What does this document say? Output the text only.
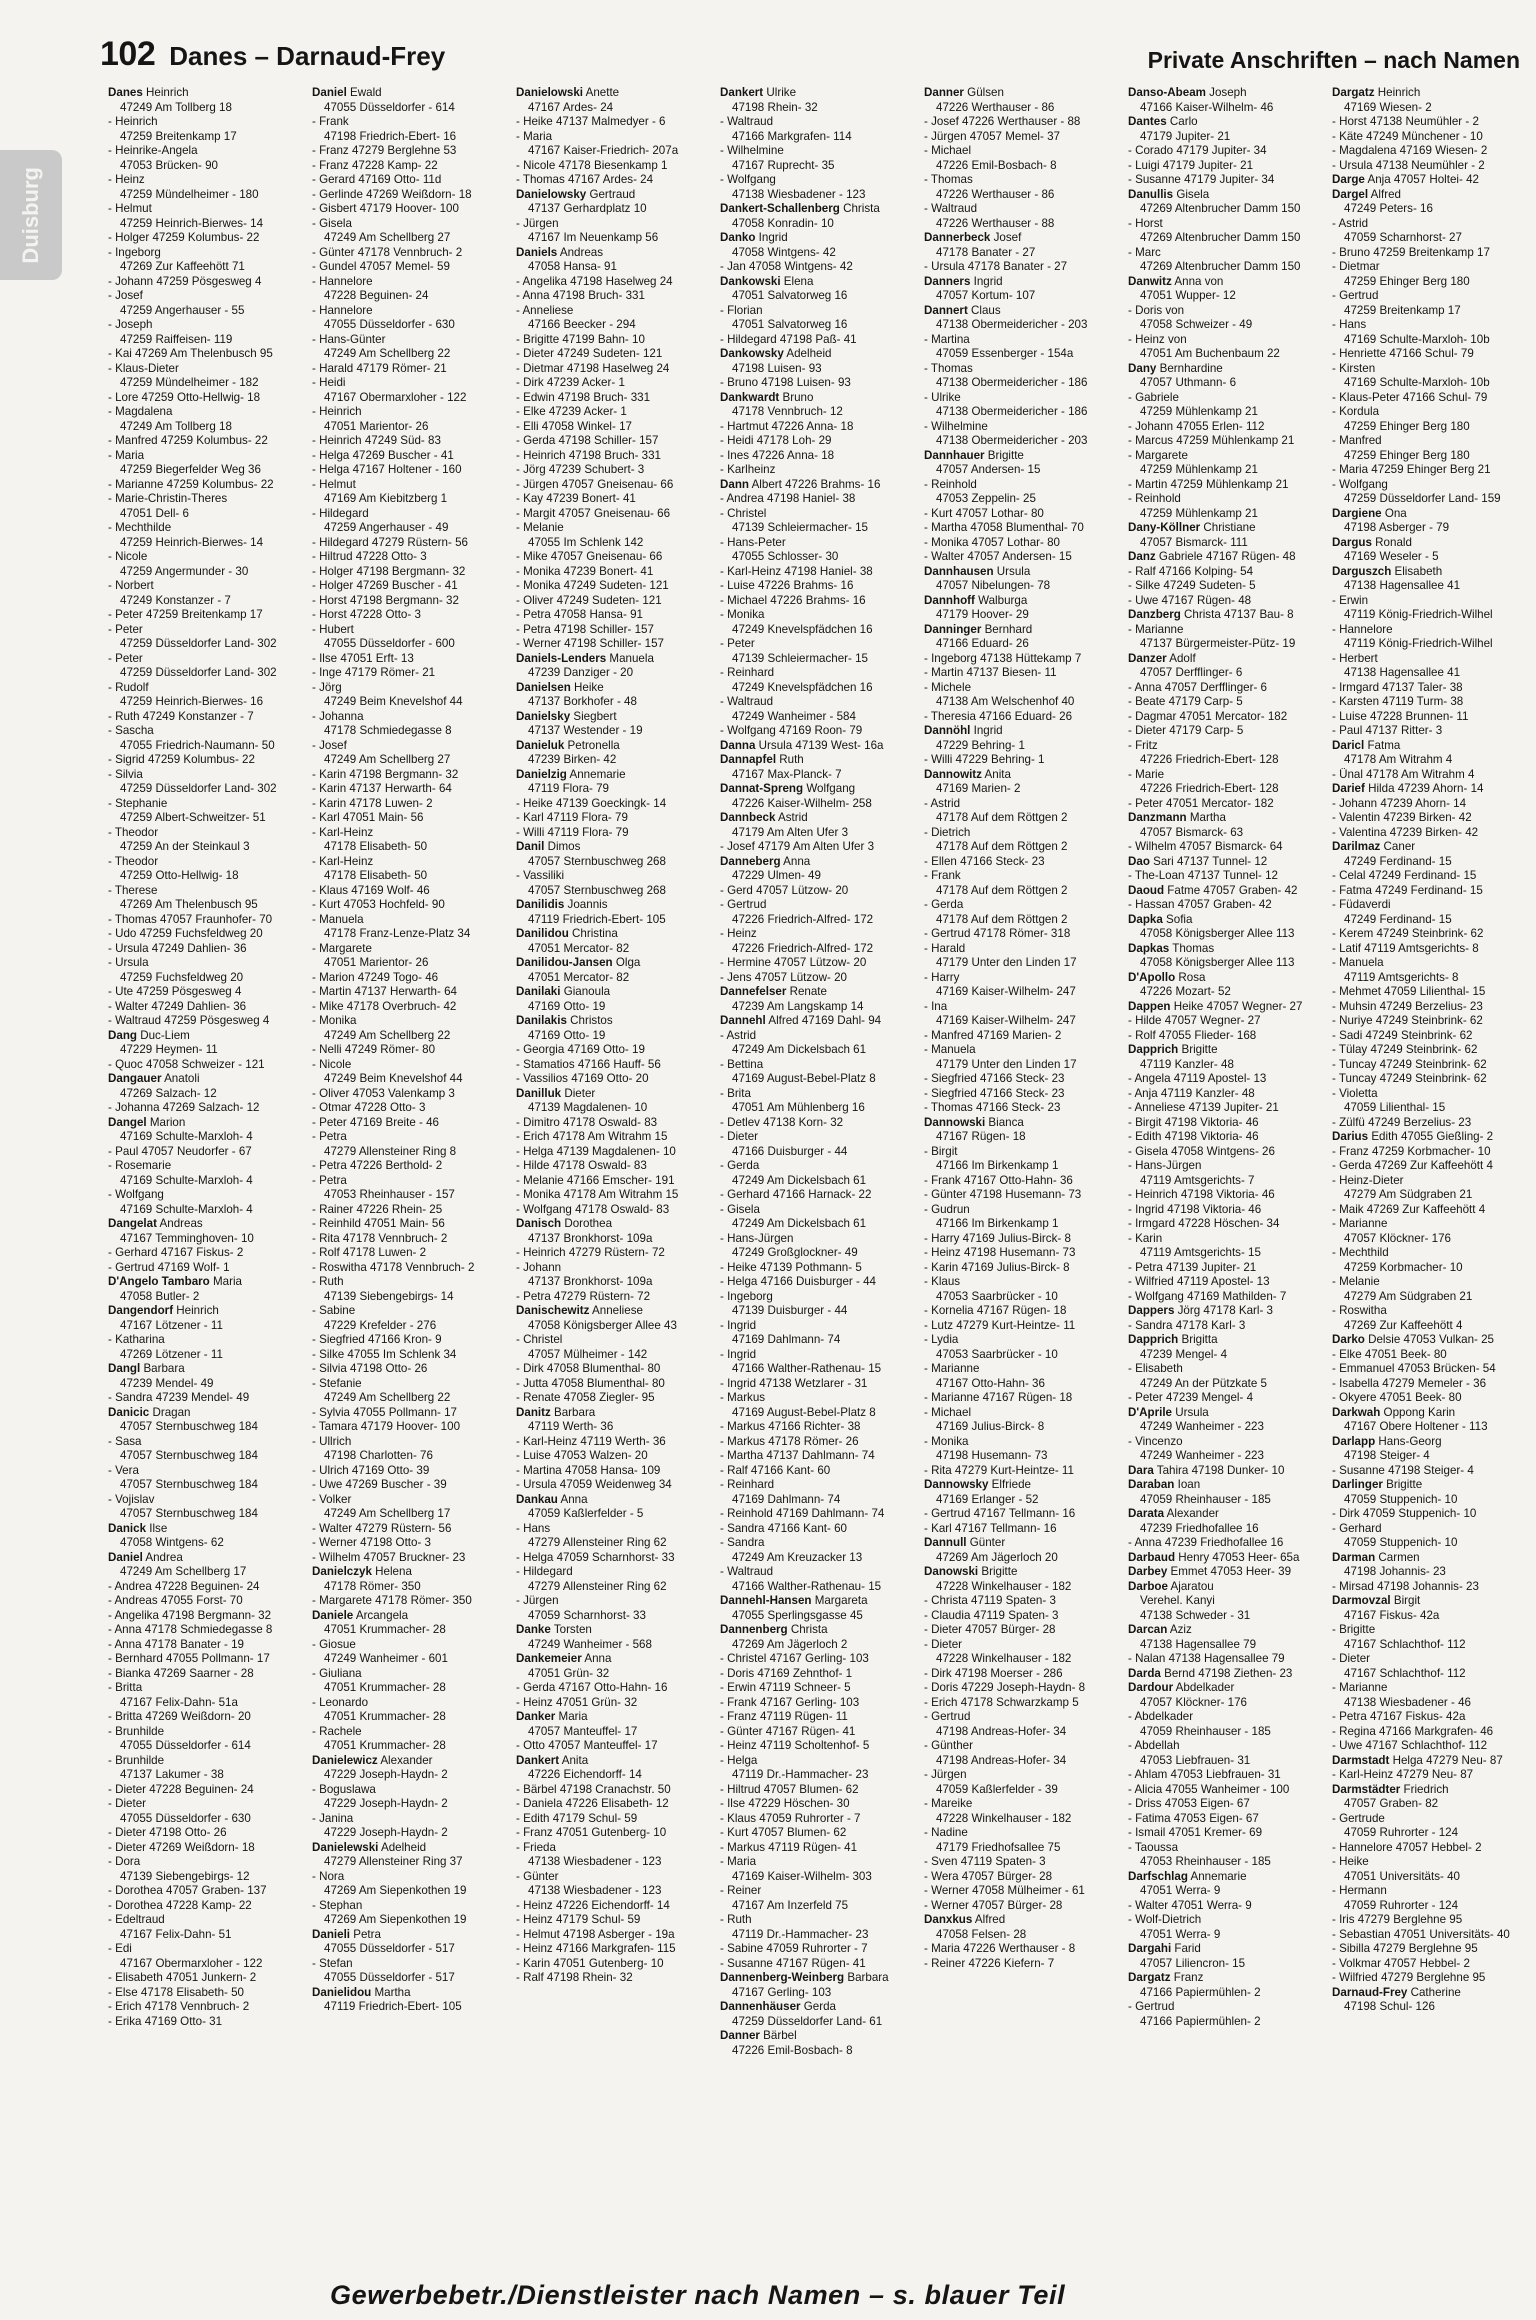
102 Danes – Darnaud-Frey	Private Anschriften – nach Namen
Duisburg
Danes Heinrich
47249 Am Tollberg 18
- Heinrich
47259 Breitenkamp 17
- Heinrike-Angela
47053 Brücken- 90
- Heinz
47259 Mündelheimer - 180
- Helmut
47259 Heinrich-Bierwes- 14
- Holger 47259 Kolumbus- 22
- Ingeborg
47269 Zur Kaffeehött 71
- Johann 47259 Pösgesweg 4
- Josef
47259 Angerhauser - 55
- Joseph
47259 Raiffeisen- 119
- Kai 47269 Am Thelenbusch 95
- Klaus-Dieter
47259 Mündelheimer - 182
- Lore 47259 Otto-Hellwig- 18
- Magdalena
47249 Am Tollberg 18
- Manfred 47259 Kolumbus- 22
- Maria
47259 Biegerfelder Weg 36
- Marianne 47259 Kolumbus- 22
- Marie-Christin-Theres
47051 Dell- 6
- Mechthilde
47259 Heinrich-Bierwes- 14
- Nicole
47259 Angermunder - 30
- Norbert
47249 Konstanzer - 7
- Peter 47259 Breitenkamp 17
- Peter
47259 Düsseldorfer Land- 302
- Peter
47259 Düsseldorfer Land- 302
- Rudolf
47259 Heinrich-Bierwes- 16
- Ruth 47249 Konstanzer - 7
- Sascha
47055 Friedrich-Naumann- 50
- Sigrid 47259 Kolumbus- 22
- Silvia
47259 Düsseldorfer Land- 302
- Stephanie
47259 Albert-Schweitzer- 51
- Theodor
47259 An der Steinkaul 3
- Theodor
47259 Otto-Hellwig- 18
- Therese
47269 Am Thelenbusch 95
- Thomas 47057 Fraunhofer- 70
- Udo 47259 Fuchsfeldweg 20
- Ursula 47249 Dahlien- 36
- Ursula
47259 Fuchsfeldweg 20
- Ute 47259 Pösgesweg 4
- Walter 47249 Dahlien- 36
- Waltraud 47259 Pösgesweg 4
Dang Duc-Liem
47229 Heymen- 11
- Quoc 47058 Schweizer - 121
Dangauer Anatoli
47269 Salzach- 12
- Johanna 47269 Salzach- 12
Dangel Marion
47169 Schulte-Marxloh- 4
- Paul 47057 Neudorfer - 67
- Rosemarie
47169 Schulte-Marxloh- 4
- Wolfgang
47169 Schulte-Marxloh- 4
Dangelat Andreas
47167 Temminghoven- 10
- Gerhard 47167 Fiskus- 2
- Gertrud 47169 Wolf- 1
D'Angelo Tambaro Maria
47058 Butler- 2
Dangendorf Heinrich
47167 Lötzener - 11
- Katharina
47269 Lötzener - 11
Dangl Barbara
47239 Mendel- 49
- Sandra 47239 Mendel- 49
Danicic Dragan
47057 Sternbuschweg 184
- Sasa
47057 Sternbuschweg 184
- Vera
47057 Sternbuschweg 184
- Vojislav
47057 Sternbuschweg 184
Danick Ilse
47058 Wintgens- 62
Daniel Andrea
47249 Am Schellberg 17
- Andrea 47228 Beguinen- 24
- Andreas 47055 Forst- 70
- Angelika 47198 Bergmann- 32
- Anna 47178 Schmiedegasse 8
- Anna 47178 Banater - 19
- Bernhard 47055 Pollmann- 17
- Bianka 47269 Saarner - 28
- Britta
47167 Felix-Dahn- 51a
- Britta 47269 Weißdorn- 20
- Brunhilde
47055 Düsseldorfer - 614
- Brunhilde
47137 Lakumer - 38
- Dieter 47228 Beguinen- 24
- Dieter
47055 Düsseldorfer - 630
- Dieter 47198 Otto- 26
- Dieter 47269 Weißdorn- 18
- Dora
47139 Siebengebirgs- 12
- Dorothea 47057 Graben- 137
- Dorothea 47228 Kamp- 22
- Edeltraud
47167 Felix-Dahn- 51
- Edi
47167 Obermarxloher - 122
- Elisabeth 47051 Junkern- 2
- Else 47178 Elisabeth- 50
- Erich 47178 Vennbruch- 2
- Erika 47169 Otto- 31
Daniel Ewald
47055 Düsseldorfer - 614
- Frank
47198 Friedrich-Ebert- 16
- Franz 47279 Berglehne 53
- Franz 47228 Kamp- 22
- Gerard 47169 Otto- 11d
- Gerlinde 47269 Weißdorn- 18
- Gisbert 47179 Hoover- 100
- Gisela
47249 Am Schellberg 27
- Günter 47178 Vennbruch- 2
- Gundel 47057 Memel- 59
- Hannelore
47228 Beguinen- 24
- Hannelore
47055 Düsseldorfer - 630
- Hans-Günter
47249 Am Schellberg 22
- Harald 47179 Römer- 21
- Heidi
47167 Obermarxloher - 122
- Heinrich
47051 Marientor- 26
- Heinrich 47249 Süd- 83
- Helga 47269 Buscher - 41
- Helga 47167 Holtener - 160
- Helmut
47169 Am Kiebitzberg 1
- Hildegard
47259 Angerhauser - 49
- Hildegard 47279 Rüstern- 56
- Hiltrud 47228 Otto- 3
- Holger 47198 Bergmann- 32
- Holger 47269 Buscher - 41
- Horst 47198 Bergmann- 32
- Horst 47228 Otto- 3
- Hubert
47055 Düsseldorfer - 600
- Ilse 47051 Erft- 13
- Inge 47179 Römer- 21
- Jörg
47249 Beim Knevelshof 44
- Johanna
47178 Schmiedegasse 8
- Josef
47249 Am Schellberg 27
- Karin 47198 Bergmann- 32
- Karin 47137 Herwarth- 64
- Karin 47178 Luwen- 2
- Karl 47051 Main- 56
- Karl-Heinz
47178 Elisabeth- 50
- Karl-Heinz
47178 Elisabeth- 50
- Klaus 47169 Wolf- 46
- Kurt 47053 Hochfeld- 90
- Manuela
47178 Franz-Lenze-Platz 34
- Margarete
47051 Marientor- 26
- Marion 47249 Togo- 46
- Martin 47137 Herwarth- 64
- Mike 47178 Overbruch- 42
- Monika
47249 Am Schellberg 22
- Nelli 47249 Römer- 80
- Nicole
47249 Beim Knevelshof 44
- Oliver 47053 Valenkamp 3
- Otmar 47228 Otto- 3
- Peter 47169 Breite - 46
- Petra
47279 Allensteiner Ring 8
- Petra 47226 Berthold- 2
- Petra
47053 Rheinhauser - 157
- Rainer 47226 Rhein- 25
- Reinhild 47051 Main- 56
- Rita 47178 Vennbruch- 2
- Rolf 47178 Luwen- 2
- Roswitha 47178 Vennbruch- 2
- Ruth
47139 Siebengebirgs- 14
- Sabine
47229 Krefelder - 276
- Siegfried 47166 Kron- 9
- Silke 47055 Im Schlenk 34
- Silvia 47198 Otto- 26
- Stefanie
47249 Am Schellberg 22
- Sylvia 47055 Pollmann- 17
- Tamara 47179 Hoover- 100
- Ullrich
47198 Charlotten- 76
- Ulrich 47169 Otto- 39
- Uwe 47269 Buscher - 39
- Volker
47249 Am Schellberg 17
- Walter 47279 Rüstern- 56
- Werner 47198 Otto- 3
- Wilhelm 47057 Bruckner- 23
Danielczyk Helena
47178 Römer- 350
- Margarete 47178 Römer- 350
Daniele Arcangela
47051 Krummacher- 28
- Giosue
47249 Wanheimer - 601
- Giuliana
47051 Krummacher- 28
- Leonardo
47051 Krummacher- 28
- Rachele
47051 Krummacher- 28
Danielewicz Alexander
47229 Joseph-Haydn- 2
- Boguslawa
47229 Joseph-Haydn- 2
- Janina
47229 Joseph-Haydn- 2
Danielewski Adelheid
47279 Allensteiner Ring 37
- Nora
47269 Am Siepenkothen 19
- Stephan
47269 Am Siepenkothen 19
Danieli Petra
47055 Düsseldorfer - 517
- Stefan
47055 Düsseldorfer - 517
Danielidou Martha
47119 Friedrich-Ebert- 105
Danielowski Anette
47167 Ardes- 24
- Heike 47137 Malmedyer - 6
- Maria
47167 Kaiser-Friedrich- 207a
- Nicole 47178 Biesenkamp 1
- Thomas 47167 Ardes- 24
Danielowsky Gertraud
47137 Gerhardplatz 10
- Jürgen
47167 Im Neuenkamp 56
Daniels Andreas
47058 Hansa- 91
- Angelika 47198 Haselweg 24
- Anna 47198 Bruch- 331
- Anneliese
47166 Beecker - 294
- Brigitte 47199 Bahn- 10
- Dieter 47249 Sudeten- 121
- Dietmar 47198 Haselweg 24
- Dirk 47239 Acker- 1
- Edwin 47198 Bruch- 331
- Elke 47239 Acker- 1
- Elli 47058 Winkel- 17
- Gerda 47198 Schiller- 157
- Heinrich 47198 Bruch- 331
- Jörg 47239 Schubert- 3
- Jürgen 47057 Gneisenau- 66
- Kay 47239 Bonert- 41
- Margit 47057 Gneisenau- 66
- Melanie
47055 Im Schlenk 142
- Mike 47057 Gneisenau- 66
- Monika 47239 Bonert- 41
- Monika 47249 Sudeten- 121
- Oliver 47249 Sudeten- 121
- Petra 47058 Hansa- 91
- Petra 47198 Schiller- 157
- Werner 47198 Schiller- 157
Daniels-Lenders Manuela
47239 Danziger - 20
Danielsen Heike
47137 Borkhofer - 48
Danielsky Siegbert
47137 Westender - 19
Danieluk Petronella
47239 Birken- 42
Danielzig Annemarie
47119 Flora- 79
- Heike 47139 Goeckingk- 14
- Karl 47119 Flora- 79
- Willi 47119 Flora- 79
Danil Dimos
47057 Sternbuschweg 268
- Vassiliki
47057 Sternbuschweg 268
Danilidis Joannis
47119 Friedrich-Ebert- 105
Danilidou Christina
47051 Mercator- 82
Danilidou-Jansen Olga
47051 Mercator- 82
Danilaki Gianoula
47169 Otto- 19
Danilakis Christos
47169 Otto- 19
- Georgia 47169 Otto- 19
- Stamatios 47166 Hauff- 56
- Vassilios 47169 Otto- 20
Danilluk Dieter
47139 Magdalenen- 10
- Dimitro 47178 Oswald- 83
- Erich 47178 Am Witrahm 15
- Helga 47139 Magdalenen- 10
- Hilde 47178 Oswald- 83
- Melanie 47166 Emscher- 191
- Monika 47178 Am Witrahm 15
- Wolfgang 47178 Oswald- 83
Danisch Dorothea
47137 Bronkhorst- 109a
- Heinrich 47279 Rüstern- 72
- Johann
47137 Bronkhorst- 109a
- Petra 47279 Rüstern- 72
Danischewitz Anneliese
47058 Königsberger Allee 43
- Christel
47057 Mülheimer - 142
- Dirk 47058 Blumenthal- 80
- Jutta 47058 Blumenthal- 80
- Renate 47058 Ziegler- 95
Danitz Barbara
47119 Werth- 36
- Karl-Heinz 47119 Werth- 36
- Luise 47053 Walzen- 20
- Martina 47058 Hansa- 109
- Ursula 47059 Weidenweg 34
Dankau Anna
47059 Kaßlerfelder - 5
- Hans
47279 Allensteiner Ring 62
- Helga 47059 Scharnhorst- 33
- Hildegard
47279 Allensteiner Ring 62
- Jürgen
47059 Scharnhorst- 33
Danke Torsten
47249 Wanheimer - 568
Dankemeier Anna
47051 Grün- 32
- Gerda 47167 Otto-Hahn- 16
- Heinz 47051 Grün- 32
Danker Maria
47057 Manteuffel- 17
- Otto 47057 Manteuffel- 17
Dankert Anita
47226 Eichendorff- 14
- Bärbel 47198 Cranachstr. 50
- Daniela 47226 Elisabeth- 12
- Edith 47179 Schul- 59
- Franz 47051 Gutenberg- 10
- Frieda
47138 Wiesbadener - 123
- Günter
47138 Wiesbadener - 123
- Heinz 47226 Eichendorff- 14
- Heinz 47179 Schul- 59
- Helmut 47198 Asberger - 19a
- Heinz 47166 Markgrafen- 115
- Karin 47051 Gutenberg- 10
- Ralf 47198 Rhein- 32
Dankert Ulrike
47198 Rhein- 32
- Waltraud
47166 Markgrafen- 114
- Wilhelmine
47167 Ruprecht- 35
- Wolfgang
47138 Wiesbadener - 123
Dankert-Schallenberg Christa
47058 Konradin- 10
Danko Ingrid
47058 Wintgens- 42
- Jan 47058 Wintgens- 42
Dankowski Elena
47051 Salvatorweg 16
- Florian
47051 Salvatorweg 16
- Hildegard 47198 Paß- 41
Dankowsky Adelheid
47198 Luisen- 93
- Bruno 47198 Luisen- 93
Dankwardt Bruno
47178 Vennbruch- 12
- Hartmut 47226 Anna- 18
- Heidi 47178 Loh- 29
- Ines 47226 Anna- 18
- Karlheinz
Dann Albert 47226 Brahms- 16
- Andrea 47198 Haniel- 38
- Christel
47139 Schleiermacher- 15
- Hans-Peter
47055 Schlosser- 30
- Karl-Heinz 47198 Haniel- 38
- Luise 47226 Brahms- 16
- Michael 47226 Brahms- 16
- Monika
47249 Knevelspfädchen 16
- Peter
47139 Schleiermacher- 15
- Reinhard
47249 Knevelspfädchen 16
- Waltraud
47249 Wanheimer - 584
- Wolfgang 47169 Roon- 79
Danna Ursula 47139 West- 16a
Dannapfel Ruth
47167 Max-Planck- 7
Dannat-Spreng Wolfgang
47226 Kaiser-Wilhelm- 258
Dannbeck Astrid
47179 Am Alten Ufer 3
- Josef 47179 Am Alten Ufer 3
Danneberg Anna
47229 Ulmen- 49
- Gerd 47057 Lützow- 20
- Gertrud
47226 Friedrich-Alfred- 172
- Heinz
47226 Friedrich-Alfred- 172
- Hermine 47057 Lützow- 20
- Jens 47057 Lützow- 20
Dannefelser Renate
47239 Am Langskamp 14
Dannehl Alfred 47169 Dahl- 94
- Astrid
47249 Am Dickelsbach 61
- Bettina
47169 August-Bebel-Platz 8
- Brita
47051 Am Mühlenberg 16
- Detlev 47138 Korn- 32
- Dieter
47166 Duisburger - 44
- Gerda
47249 Am Dickelsbach 61
- Gerhard 47166 Harnack- 22
- Gisela
47249 Am Dickelsbach 61
- Hans-Jürgen
47249 Großglockner- 49
- Heike 47139 Pothmann- 5
- Helga 47166 Duisburger - 44
- Ingeborg
47139 Duisburger - 44
- Ingrid
47169 Dahlmann- 74
- Ingrid
47166 Walther-Rathenau- 15
- Ingrid 47138 Wetzlarer - 31
- Markus
47169 August-Bebel-Platz 8
- Markus 47166 Richter- 38
- Markus 47178 Römer- 26
- Martha 47137 Dahlmann- 74
- Ralf 47166 Kant- 60
- Reinhard
47169 Dahlmann- 74
- Reinhold 47169 Dahlmann- 74
- Sandra 47166 Kant- 60
- Sandra
47249 Am Kreuzacker 13
- Waltraud
47166 Walther-Rathenau- 15
Dannehl-Hansen Margareta
47055 Sperlingsgasse 45
Dannenberg Christa
47269 Am Jägerloch 2
- Christel 47167 Gerling- 103
- Doris 47169 Zehnthof- 1
- Erwin 47119 Schneer- 5
- Frank 47167 Gerling- 103
- Franz 47119 Rügen- 11
- Günter 47167 Rügen- 41
- Heinz 47119 Scholtenhof- 5
- Helga
47119 Dr.-Hammacher- 23
- Hiltrud 47057 Blumen- 62
- Ilse 47229 Höschen- 30
- Klaus 47059 Ruhrorter - 7
- Kurt 47057 Blumen- 62
- Markus 47119 Rügen- 41
- Maria
47169 Kaiser-Wilhelm- 303
- Reiner
47167 Am Inzerfeld 75
- Ruth
47119 Dr.-Hammacher- 23
- Sabine 47059 Ruhrorter - 7
- Susanne 47167 Rügen- 41
Dannenberg-Weinberg Barbara
47167 Gerling- 103
Dannenhäuser Gerda
47259 Düsseldorfer Land- 61
Danner Bärbel
47226 Emil-Bosbach- 8
Danner Gülsen
47226 Werthauser - 86
- Josef 47226 Werthauser - 88
- Jürgen 47057 Memel- 37
- Michael
47226 Emil-Bosbach- 8
- Thomas
47226 Werthauser - 86
- Waltraud
47226 Werthauser - 88
Dannerbeck Josef
47178 Banater - 27
- Ursula 47178 Banater - 27
Danners Ingrid
47057 Kortum- 107
Dannert Claus
47138 Obermeidericher - 203
- Martina
47059 Essenberger - 154a
- Thomas
47138 Obermeidericher - 186
- Ulrike
47138 Obermeidericher - 186
- Wilhelmine
47138 Obermeidericher - 203
Dannhauer Brigitte
47057 Andersen- 15
- Reinhold
47053 Zeppelin- 25
- Kurt 47057 Lothar- 80
- Martha 47058 Blumenthal- 70
- Monika 47057 Lothar- 80
- Walter 47057 Andersen- 15
Dannhausen Ursula
47057 Nibelungen- 78
Dannhoff Walburga
47179 Hoover- 29
Danninger Bernhard
47166 Eduard- 26
- Ingeborg 47138 Hüttekamp 7
- Martin 47137 Biesen- 11
- Michele
47138 Am Welschenhof 40
- Theresia 47166 Eduard- 26
Dannöhl Ingrid
47229 Behring- 1
- Willi 47229 Behring- 1
Dannowitz Anita
47169 Marien- 2
- Astrid
47178 Auf dem Röttgen 2
- Dietrich
47178 Auf dem Röttgen 2
- Ellen 47166 Steck- 23
- Frank
47178 Auf dem Röttgen 2
- Gerda
47178 Auf dem Röttgen 2
- Gertrud 47178 Römer- 318
- Harald
47179 Unter den Linden 17
- Harry
47169 Kaiser-Wilhelm- 247
- Ina
47169 Kaiser-Wilhelm- 247
- Manfred 47169 Marien- 2
- Manuela
47179 Unter den Linden 17
- Siegfried 47166 Steck- 23
- Siegfried 47166 Steck- 23
- Thomas 47166 Steck- 23
Dannowski Bianca
47167 Rügen- 18
- Birgit
47166 Im Birkenkamp 1
- Frank 47167 Otto-Hahn- 36
- Günter 47198 Husemann- 73
- Gudrun
47166 Im Birkenkamp 1
- Harry 47169 Julius-Birck- 8
- Heinz 47198 Husemann- 73
- Karin 47169 Julius-Birck- 8
- Klaus
47053 Saarbrücker - 10
- Kornelia 47167 Rügen- 18
- Lutz 47279 Kurt-Heintze- 11
- Lydia
47053 Saarbrücker - 10
- Marianne
47167 Otto-Hahn- 36
- Marianne 47167 Rügen- 18
- Michael
47169 Julius-Birck- 8
- Monika
47198 Husemann- 73
- Rita 47279 Kurt-Heintze- 11
Dannowsky Elfriede
47169 Erlanger - 52
- Gertrud 47167 Tellmann- 16
- Karl 47167 Tellmann- 16
Dannull Günter
47269 Am Jägerloch 20
Danowski Brigitte
47228 Winkelhauser - 182
- Christa 47119 Spaten- 3
- Claudia 47119 Spaten- 3
- Dieter 47057 Bürger- 28
- Dieter
47228 Winkelhauser - 182
- Dirk 47198 Moerser - 286
- Doris 47229 Joseph-Haydn- 8
- Erich 47178 Schwarzkamp 5
- Gertrud
47198 Andreas-Hofer- 34
- Günther
47198 Andreas-Hofer- 34
- Jürgen
47059 Kaßlerfelder - 39
- Mareike
47228 Winkelhauser - 182
- Nadine
47179 Friedhofsallee 75
- Sven 47119 Spaten- 3
- Wera 47057 Bürger- 28
- Werner 47058 Mülheimer - 61
- Werner 47057 Bürger- 28
Danxkus Alfred
47058 Felsen- 28
- Maria 47226 Werthauser - 8
- Reiner 47226 Kiefern- 7
Danso-Abeam Joseph
47166 Kaiser-Wilhelm- 46
Dantes Carlo
47179 Jupiter- 21
- Corado 47179 Jupiter- 34
- Luigi 47179 Jupiter- 21
- Susanne 47179 Jupiter- 34
Danullis Gisela
47269 Altenbrucher Damm 150
- Horst
47269 Altenbrucher Damm 150
- Marc
47269 Altenbrucher Damm 150
Danwitz Anna von
47051 Wupper- 12
- Doris von
47058 Schweizer - 49
- Heinz von
47051 Am Buchenbaum 22
Dany Bernhardine
47057 Uthmann- 6
- Gabriele
47259 Mühlenkamp 21
- Johann 47055 Erlen- 112
- Marcus 47259 Mühlenkamp 21
- Margarete
47259 Mühlenkamp 21
- Martin 47259 Mühlenkamp 21
- Reinhold
47259 Mühlenkamp 21
Dany-Köllner Christiane
47057 Bismarck- 111
Danz Gabriele 47167 Rügen- 48
- Ralf 47166 Kolping- 54
- Silke 47249 Sudeten- 5
- Uwe 47167 Rügen- 48
Danzberg Christa 47137 Bau- 8
- Marianne
47137 Bürgermeister-Pütz- 19
Danzer Adolf
47057 Derfflinger- 6
- Anna 47057 Derfflinger- 6
- Beate 47179 Carp- 5
- Dagmar 47051 Mercator- 182
- Dieter 47179 Carp- 5
- Fritz
47226 Friedrich-Ebert- 128
- Marie
47226 Friedrich-Ebert- 128
- Peter 47051 Mercator- 182
Danzmann Martha
47057 Bismarck- 63
- Wilhelm 47057 Bismarck- 64
Dao Sari 47137 Tunnel- 12
- The-Loan 47137 Tunnel- 12
Daoud Fatme 47057 Graben- 42
- Hassan 47057 Graben- 42
Dapka Sofia
47058 Königsberger Allee 113
Dapkas Thomas
47058 Königsberger Allee 113
D'Apollo Rosa
47226 Mozart- 52
Dappen Heike 47057 Wegner- 27
- Hilde 47057 Wegner- 27
- Rolf 47055 Flieder- 168
Dapprich Brigitte
47119 Kanzler- 48
- Angela 47119 Apostel- 13
- Anja 47119 Kanzler- 48
- Anneliese 47139 Jupiter- 21
- Birgit 47198 Viktoria- 46
- Edith 47198 Viktoria- 46
- Gisela 47058 Wintgens- 26
- Hans-Jürgen
47119 Amtsgerichts- 7
- Heinrich 47198 Viktoria- 46
- Ingrid 47198 Viktoria- 46
- Irmgard 47228 Höschen- 34
- Karin
47119 Amtsgerichts- 15
- Petra 47139 Jupiter- 21
- Wilfried 47119 Apostel- 13
- Wolfgang 47169 Mathilden- 7
Dappers Jörg 47178 Karl- 3
- Sandra 47178 Karl- 3
Dapprich Brigitta
47239 Mengel- 4
- Elisabeth
47249 An der Pützkate 5
- Peter 47239 Mengel- 4
D'Aprile Ursula
47249 Wanheimer - 223
- Vincenzo
47249 Wanheimer - 223
Dara Tahira 47198 Dunker- 10
Daraban Ioan
47059 Rheinhauser - 185
Darata Alexander
47239 Friedhofallee 16
- Anna 47239 Friedhofallee 16
Darbaud Henry 47053 Heer- 65a
Darbey Emmet 47053 Heer- 39
Darboe Ajaratou
Verehel. Kanyi
47138 Schweder - 31
Darcan Aziz
47138 Hagensallee 79
- Nalan 47138 Hagensallee 79
Darda Bernd 47198 Ziethen- 23
Dardour Abdelkader
47057 Klöckner- 176
- Abdelkader
47059 Rheinhauser - 185
- Abdellah
47053 Liebfrauen- 31
- Ahlam 47053 Liebfrauen- 31
- Alicia 47055 Wanheimer - 100
- Driss 47053 Eigen- 67
- Fatima 47053 Eigen- 67
- Ismail 47051 Kremer- 69
- Taoussa
47053 Rheinhauser - 185
Darfschlag Annemarie
47051 Werra- 9
- Walter 47051 Werra- 9
- Wolf-Dietrich
47051 Werra- 9
Dargahi Farid
47057 Liliencron- 15
Dargatz Franz
47166 Papiermühlen- 2
- Gertrud
47166 Papiermühlen- 2
Dargatz Heinrich
47169 Wiesen- 2
- Horst 47138 Neumühler - 2
- Käte 47249 Münchener - 10
- Magdalena 47169 Wiesen- 2
- Ursula 47138 Neumühler - 2
Darge Anja 47057 Holtei- 42
Dargel Alfred
47249 Peters- 16
- Astrid
47059 Scharnhorst- 27
- Bruno 47259 Breitenkamp 17
- Dietmar
47259 Ehinger Berg 180
- Gertrud
47259 Breitenkamp 17
- Hans
47169 Schulte-Marxloh- 10b
- Henriette 47166 Schul- 79
- Kirsten
47169 Schulte-Marxloh- 10b
- Klaus-Peter 47166 Schul- 79
- Kordula
47259 Ehinger Berg 180
- Manfred
47259 Ehinger Berg 180
- Maria 47259 Ehinger Berg 21
- Wolfgang
47259 Düsseldorfer Land- 159
Dargiene Ona
47198 Asberger - 79
Dargus Ronald
47169 Weseler - 5
Darguszch Elisabeth
47138 Hagensallee 41
- Erwin
47119 König-Friedrich-Wilhel
- Hannelore
47119 König-Friedrich-Wilhel
- Herbert
47138 Hagensallee 41
- Irmgard 47137 Taler- 38
- Karsten 47119 Turm- 38
- Luise 47228 Brunnen- 11
- Paul 47137 Ritter- 3
Daricl Fatma
47178 Am Witrahm 4
- Ünal 47178 Am Witrahm 4
Darief Hilda 47239 Ahorn- 14
- Johann 47239 Ahorn- 14
- Valentin 47239 Birken- 42
- Valentina 47239 Birken- 42
Darilmaz Caner
47249 Ferdinand- 15
- Celal 47249 Ferdinand- 15
- Fatma 47249 Ferdinand- 15
- Füdaverdi
47249 Ferdinand- 15
- Kerem 47249 Steinbrink- 62
- Latif 47119 Amtsgerichts- 8
- Manuela
47119 Amtsgerichts- 8
- Mehmet 47059 Lilienthal- 15
- Muhsin 47249 Berzelius- 23
- Nuriye 47249 Steinbrink- 62
- Sadi 47249 Steinbrink- 62
- Tülay 47249 Steinbrink- 62
- Tuncay 47249 Steinbrink- 62
- Tuncay 47249 Steinbrink- 62
- Violetta
47059 Lilienthal- 15
- Zülfü 47249 Berzelius- 23
Darius Edith 47055 Gießling- 2
- Franz 47259 Korbmacher- 10
- Gerda 47269 Zur Kaffeehött 4
- Heinz-Dieter
47279 Am Südgraben 21
- Maik 47269 Zur Kaffeehött 4
- Marianne
47057 Klöckner- 176
- Mechthild
47259 Korbmacher- 10
- Melanie
47279 Am Südgraben 21
- Roswitha
47269 Zur Kaffeehött 4
Darko Delsie 47053 Vulkan- 25
- Elke 47051 Beek- 80
- Emmanuel 47053 Brücken- 54
- Isabella 47279 Memeler - 36
- Okyere 47051 Beek- 80
Darkwah Oppong Karin
47167 Obere Holtener - 113
Darlapp Hans-Georg
47198 Steiger- 4
- Susanne 47198 Steiger- 4
Darlinger Brigitte
47059 Stuppenich- 10
- Dirk 47059 Stuppenich- 10
- Gerhard
47059 Stuppenich- 10
Darman Carmen
47198 Johannis- 23
- Mirsad 47198 Johannis- 23
Darmovzal Birgit
47167 Fiskus- 42a
- Brigitte
47167 Schlachthof- 112
- Dieter
47167 Schlachthof- 112
- Marianne
47138 Wiesbadener - 46
- Petra 47167 Fiskus- 42a
- Regina 47166 Markgrafen- 46
- Uwe 47167 Schlachthof- 112
Darmstadt Helga 47279 Neu- 87
- Karl-Heinz 47279 Neu- 87
Darmstädter Friedrich
47057 Graben- 82
- Gertrude
47059 Ruhrorter - 124
- Hannelore 47057 Hebbel- 2
- Heike
47051 Universitäts- 40
- Hermann
47059 Ruhrorter - 124
- Iris 47279 Berglehne 95
- Sebastian 47051 Universitäts- 40
- Sibilla 47279 Berglehne 95
- Volkmar 47057 Hebbel- 2
- Wilfried 47279 Berglehne 95
Darnaud-Frey Catherine
47198 Schul- 126
Gewerbebetr./Dienstleister nach Namen – s. blauer Teil
